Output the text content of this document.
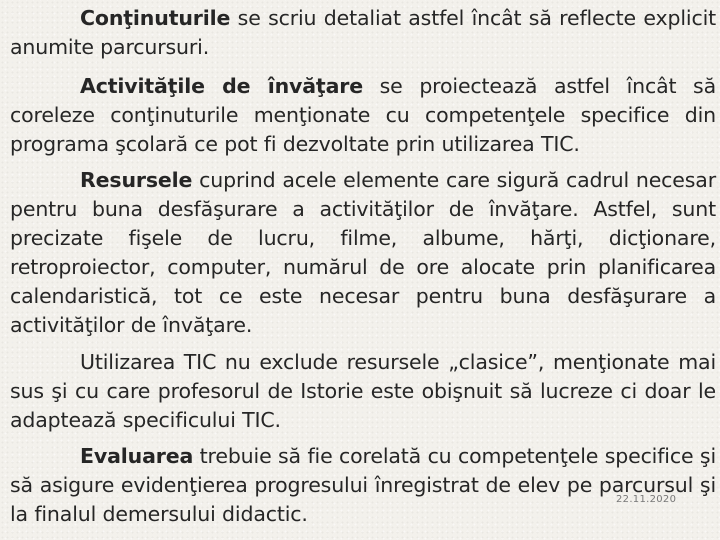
Conţinuturile se scriu detaliat astfel încât să reflecte explicit anumite parcursuri.

Activităţile de învăţare se proiectează astfel încât să coreleze conţinuturile menţionate cu competenţele specifice din programa şcolară ce pot fi dezvoltate prin utilizarea TIC.

Resursele cuprind acele elemente care sigură cadrul necesar pentru buna desfăşurare a activităţilor de învăţare. Astfel, sunt precizate fişele de lucru, filme, albume, hărţi, dicţionare, retroproiector, computer, numărul de ore alocate prin planificarea calendaristică, tot ce este necesar pentru buna desfăşurare a activităţilor de învăţare.

Utilizarea TIC nu exclude resursele „clasice”, menţionate mai sus şi cu care profesorul de Istorie este obişnuit să lucreze ci doar le adaptează specificului TIC.

Evaluarea trebuie să fie corelată cu competenţele specifice şi să asigure evidenţierea progresului înregistrat de elev pe parcursul şi la finalul demersului didactic.

22.11.2020
